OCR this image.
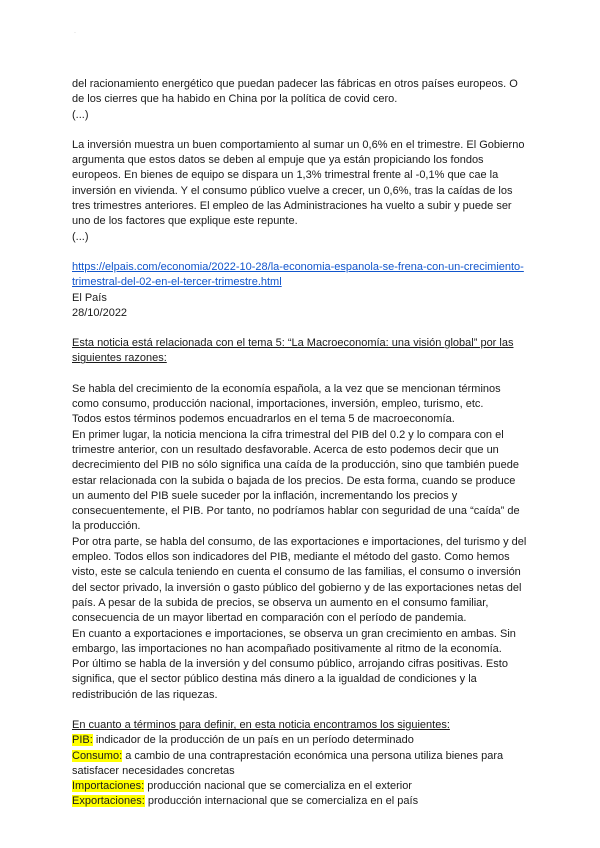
·

del racionamiento energético que puedan padecer las fábricas en otros países europeos. O de los cierres que ha habido en China por la política de covid cero.

(...)

La inversión muestra un buen comportamiento al sumar un 0,6% en el trimestre. El Gobierno argumenta que estos datos se deben al empuje que ya están propiciando los fondos europeos. En bienes de equipo se dispara un 1,3% trimestral frente al -0,1% que cae la inversión en vivienda. Y el consumo público vuelve a crecer, un 0,6%, tras la caídas de los tres trimestres anteriores. El empleo de las Administraciones ha vuelto a subir y puede ser uno de los factores que explique este repunte.

(...)

https://elpais.com/economia/2022-10-28/la-economia-espanola-se-frena-con-un-crecimiento-trimestral-del-02-en-el-tercer-trimestre.html

El País

28/10/2022

Esta noticia está relacionada con el tema 5: “La Macroeconomía: una visión global” por las siguientes razones:

Se habla del crecimiento de la economía española, a la vez que se mencionan términos como consumo, producción nacional, importaciones, inversión, empleo, turismo, etc.

Todos estos términos podemos encuadrarlos en el tema 5 de macroeconomía.

En primer lugar, la noticia menciona la cifra trimestral del PIB del 0.2 y lo compara con el trimestre anterior, con un resultado desfavorable. Acerca de esto podemos decir que un decrecimiento del PIB no sólo significa una caída de la producción, sino que también puede estar relacionada con la subida o bajada de los precios. De esta forma, cuando se produce un aumento del PIB suele suceder por la inflación, incrementando los precios y consecuentemente, el PIB. Por tanto, no podríamos hablar con seguridad de una “caída” de la producción.

Por otra parte, se habla del consumo, de las exportaciones e importaciones, del turismo y del empleo. Todos ellos son indicadores del PIB, mediante el método del gasto. Como hemos visto, este se calcula teniendo en cuenta el consumo de las familias, el consumo o inversión del sector privado, la inversión o gasto público del gobierno y de las exportaciones netas del país. A pesar de la subida de precios, se observa un aumento en el consumo familiar, consecuencia de un mayor libertad en comparación con el período de pandemia.

En cuanto a exportaciones e importaciones, se observa un gran crecimiento en ambas. Sin embargo, las importaciones no han acompañado positivamente al ritmo de la economía.

Por último se habla de la inversión y del consumo público, arrojando cifras positivas. Esto significa, que el sector público destina más dinero a la igualdad de condiciones y la redistribución de las riquezas.

En cuanto a términos para definir, en esta noticia encontramos los siguientes:

PIB: indicador de la producción de un país en un período determinado

Consumo: a cambio de una contraprestación económica una persona utiliza bienes para satisfacer necesidades concretas

Importaciones: producción nacional que se comercializa en el exterior

Exportaciones: producción internacional que se comercializa en el país
